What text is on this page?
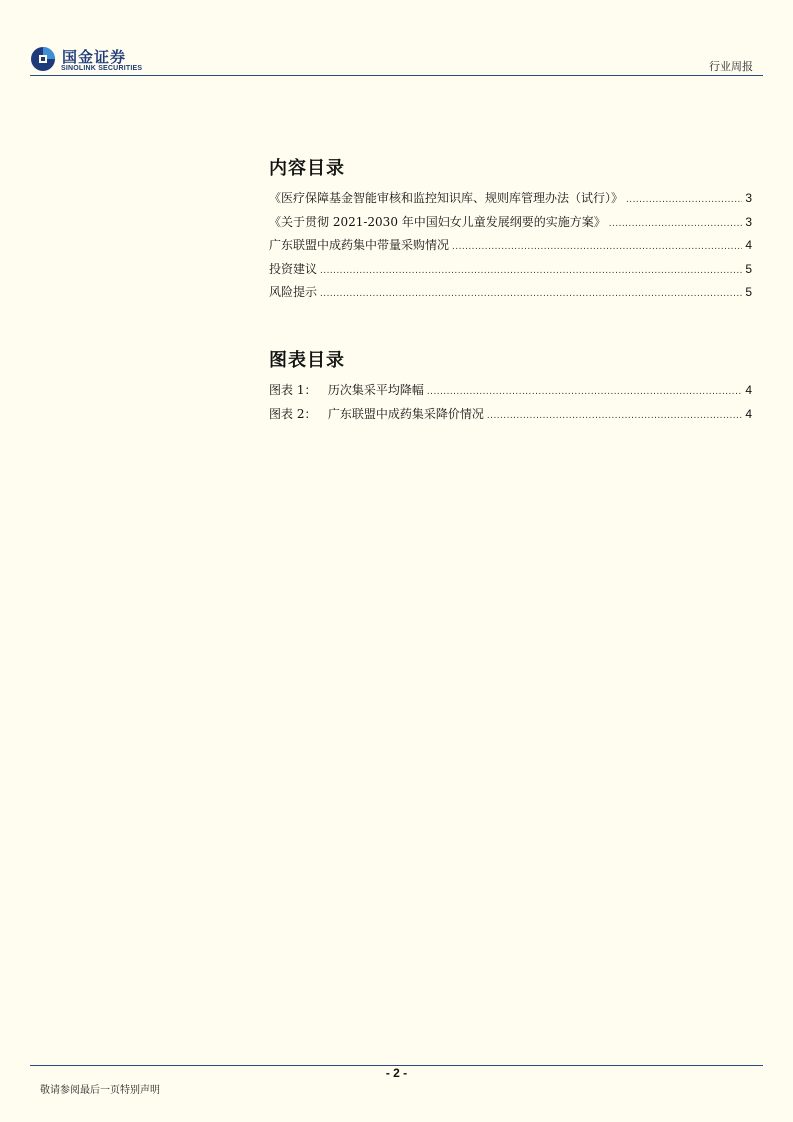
国金证券
SINOLINK SECURITIES	行业周报
内容目录
《医疗保障基金智能审核和监控知识库、规则库管理办法（试行）》 .....	3
《关于贯彻 2021-2030 年中国妇女儿童发展纲要的实施方案》 .....	3
广东联盟中成药集中带量采购情况 .....	4
投资建议 .....	5
风险提示 .....	5
图表目录
图表 1：   历次集采平均降幅 .....	4
图表 2：   广东联盟中成药集采降价情况 .....	4
- 2 -
敬请参阅最后一页特别声明
